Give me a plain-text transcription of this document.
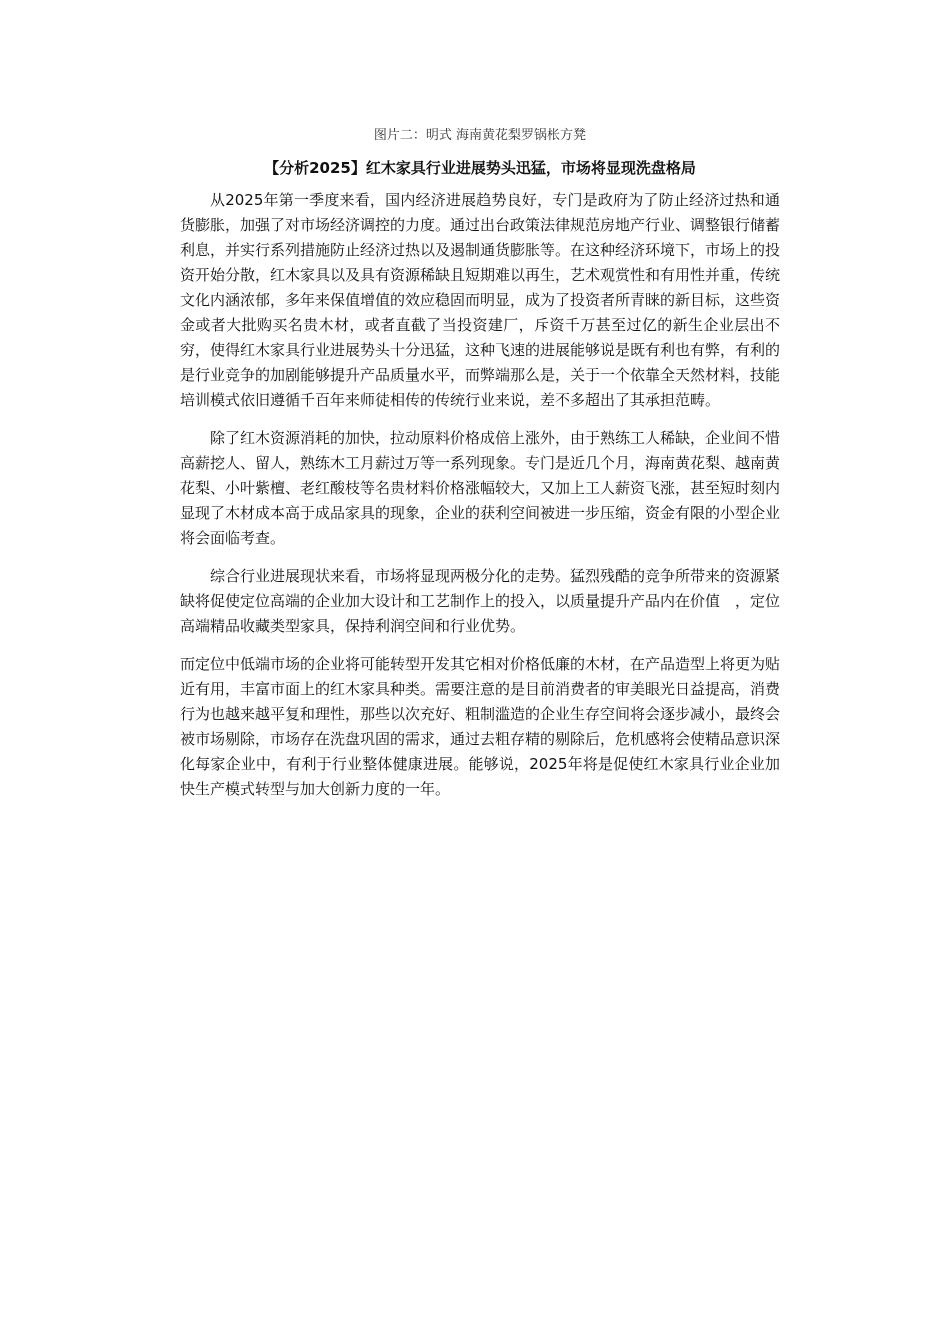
图片二：明式 海南黄花梨罗锅枨方凳
【分析2025】红木家具行业进展势头迅猛，市场将显现洗盘格局

从2025年第一季度来看，国内经济进展趋势良好，专门是政府为了防止经济过热和通货膨胀，加强了对市场经济调控的力度。通过出台政策法律规范房地产行业、调整银行储蓄利息，并实行系列措施防止经济过热以及遏制通货膨胀等。在这种经济环境下，市场上的投资开始分散，红木家具以及具有资源稀缺且短期难以再生，艺术观赏性和有用性并重，传统文化内涵浓郁，多年来保值增值的效应稳固而明显，成为了投资者所青睐的新目标，这些资金或者大批购买名贵木材，或者直截了当投资建厂，斥资千万甚至过亿的新生企业层出不穷，使得红木家具行业进展势头十分迅猛，这种飞速的进展能够说是既有利也有弊，有利的是行业竞争的加剧能够提升产品质量水平，而弊端那么是，关于一个依靠全天然材料，技能培训模式依旧遵循千百年来师徒相传的传统行业来说，差不多超出了其承担范畴。

除了红木资源消耗的加快，拉动原料价格成倍上涨外，由于熟练工人稀缺，企业间不惜高薪挖人、留人，熟练木工月薪过万等一系列现象。专门是近几个月，海南黄花梨、越南黄花梨、小叶紫檀、老红酸枝等名贵材料价格涨幅较大，又加上工人薪资飞涨，甚至短时刻内显现了木材成本高于成品家具的现象，企业的获利空间被进一步压缩，资金有限的小型企业将会面临考查。

综合行业进展现状来看，市场将显现两极分化的走势。猛烈残酷的竞争所带来的资源紧缺将促使定位高端的企业加大设计和工艺制作上的投入，以质量提升产品内在价值　，定位高端精品收藏类型家具，保持利润空间和行业优势。

而定位中低端市场的企业将可能转型开发其它相对价格低廉的木材，在产品造型上将更为贴近有用，丰富市面上的红木家具种类。需要注意的是目前消费者的审美眼光日益提高，消费行为也越来越平复和理性，那些以次充好、粗制滥造的企业生存空间将会逐步减小，最终会被市场剔除，市场存在洗盘巩固的需求，通过去粗存精的剔除后，危机感将会使精品意识深化每家企业中，有利于行业整体健康进展。能够说，2025年将是促使红木家具行业企业加快生产模式转型与加大创新力度的一年。
